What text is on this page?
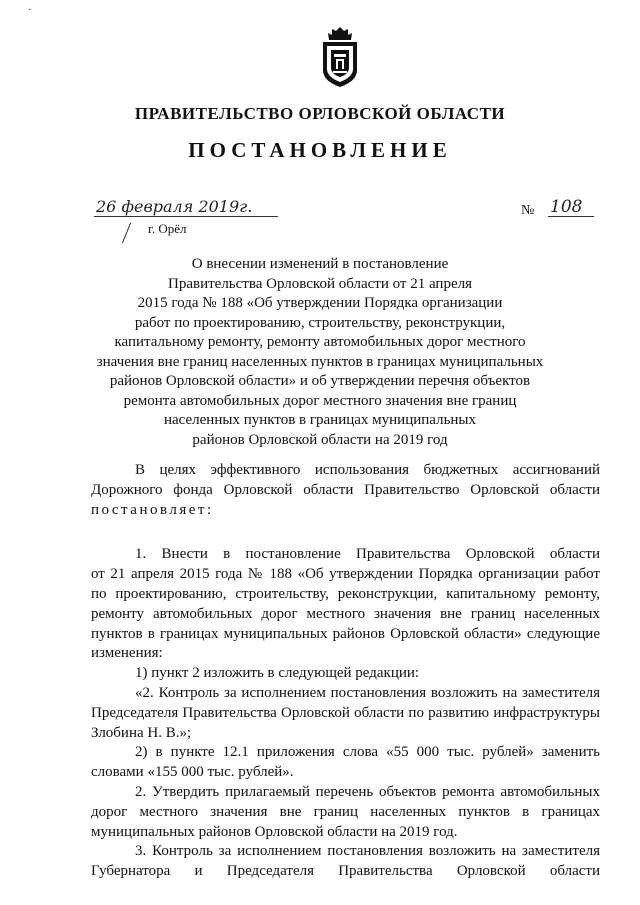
ˇ
ПРАВИТЕЛЬСТВО ОРЛОВСКОЙ ОБЛАСТИ
ПОСТАНОВЛЕНИЕ
26 февраля 2019г.
г. Орёл
№ 108
О внесении изменений в постановление
Правительства Орловской области от 21 апреля
2015 года № 188 «Об утверждении Порядка организации
работ по проектированию, строительству, реконструкции,
капитальному ремонту, ремонту автомобильных дорог местного
значения вне границ населенных пунктов в границах муниципальных
районов Орловской области» и об утверждении перечня объектов
ремонта автомобильных дорог местного значения вне границ
населенных пунктов в границах муниципальных
районов Орловской области на 2019 год
В целях эффективного использования бюджетных ассигнований
Дорожного фонда Орловской области Правительство Орловской области
постановляет:
1. Внести в постановление Правительства Орловской области
от 21 апреля 2015 года № 188 «Об утверждении Порядка организации работ
по проектированию, строительству, реконструкции, капитальному ремонту,
ремонту автомобильных дорог местного значения вне границ населенных
пунктов в границах муниципальных районов Орловской области» следующие
изменения:
1) пункт 2 изложить в следующей редакции:
«2. Контроль за исполнением постановления возложить на заместителя
Председателя Правительства Орловской области по развитию инфраструктуры
Злобина Н. В.»;
2) в пункте 12.1 приложения слова «55 000 тыс. рублей» заменить
словами «155 000 тыс. рублей».
2. Утвердить прилагаемый перечень объектов ремонта автомобильных
дорог местного значения вне границ населенных пунктов в границах
муниципальных районов Орловской области на 2019 год.
3. Контроль за исполнением постановления возложить на заместителя
Губернатора и Председателя Правительства Орловской области
